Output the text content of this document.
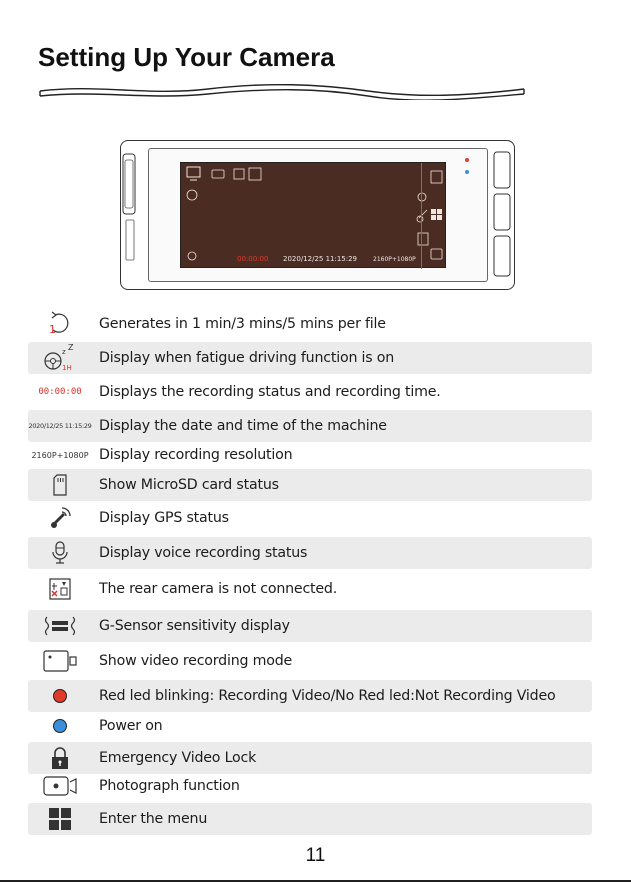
Setting Up Your Camera
00:00:00 2020/12/25 11:15:29	2160P+1080P
1	Generates in 1 min/3 mins/5 mins per file
z Z
1H
Display when fatigue driving function is on
00:00:00 Displays the recording status and recording time.
2020/12/25 11:15:29 Display the date and time of the machine
2160P+1080P Display recording resolution
Show MicroSD card status
Display GPS status
Display voice recording status
The rear camera is not connected.
G-Sensor sensitivity display
Show video recording mode
Red led blinking: Recording Video/No Red led:Not Recording Video
Power on
Emergency Video Lock
Photograph function
Enter the menu
11
